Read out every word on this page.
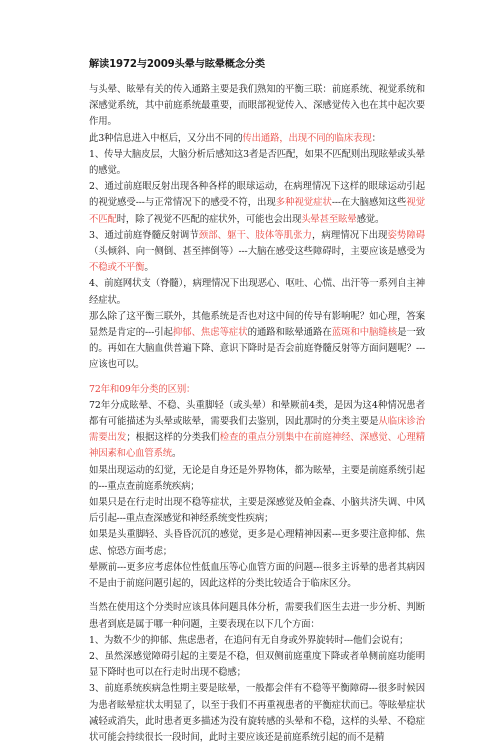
解读1972与2009头晕与眩晕概念分类

与头晕、眩晕有关的传入通路主要是我们熟知的平衡三联：前庭系统、视觉系统和深感觉系统，其中前庭系统最重要，而眼部视觉传入、深感觉传入也在其中起次要作用。

此3种信息进入中枢后，又分出不同的传出通路，出现不同的临床表现：

1、传导大脑皮层，大脑分析后感知这3者是否匹配，如果不匹配则出现眩晕或头晕的感觉。

2、通过前庭眼反射出现各种各样的眼球运动，在病理情况下这样的眼球运动引起的视觉感受---与正常情况下的感受不符，出现多种视觉症状---在大脑感知这些视觉不匹配时，除了视觉不匹配的症状外，可能也会出现头晕甚至眩晕感觉。

3、通过前庭脊髓反射调节颈部、躯干、肢体等肌张力，病理情况下出现姿势障碍（头倾斜、向一侧倒、甚至摔倒等）---大脑在感受这些障碍时，主要应该是感受为不稳或不平衡。

4、前庭网状支（脊髓），病理情况下出现恶心、呕吐、心慌、出汗等一系列自主神经症状。

那么除了这平衡三联外，其他系统是否也对这中间的传导有影响呢？如心理，答案显然是肯定的---引起抑郁、焦虑等症状的通路和眩晕通路在蓝斑和中脑缝核是一致的。再如在大脑血供普遍下降、意识下降时是否会前庭脊髓反射等方面问题呢？---应该也可以。

72年和09年分类的区别：

72年分成眩晕、不稳、头重脚轻（或头晕）和晕厥前4类，是因为这4种情况患者都有可能描述为头晕或眩晕，需要我们去鉴别，因此那时的分类主要是从临床诊治需要出发；根据这样的分类我们检查的重点分别集中在前庭神经、深感觉、心理精神因素和心血管系统。

如果出现运动的幻觉，无论是自身还是外界物体，都为眩晕，主要是前庭系统引起的---重点查前庭系统疾病；

如果只是在行走时出现不稳等症状，主要是深感觉及帕金森、小脑共济失调、中风后引起---重点查深感觉和神经系统变性疾病；

如果是头重脚轻、头昏昏沉沉的感觉，更多是心理精神因素---更多要注意抑郁、焦虑、惊恐方面考虑；

晕厥前---更多应考虑体位性低血压等心血管方面的问题---很多主诉晕的患者其病因不是由于前庭问题引起的，因此这样的分类比较适合于临床区分。

当然在使用这个分类时应该具体问题具体分析，需要我们医生去进一步分析、判断患者到底是属于哪一种问题，主要表现在以下几个方面：

1、为数不少的抑郁、焦虑患者，在追问有无自身或外界旋转时---他们会说有；

2、虽然深感觉障碍引起的主要是不稳，但双侧前庭重度下降或者单侧前庭功能明显下降时也可以在行走时出现不稳感；

3、前庭系统疾病急性期主要是眩晕，一般都会伴有不稳等平衡障碍---很多时候因为患者眩晕症状太明显了，以至于我们不再重视患者的平衡症状而已。等眩晕症状减轻或消失，此时患者更多描述为没有旋转感的头晕和不稳，这样的头晕、不稳症状可能会持续很长一段时间，此时主要应该还是前庭系统引起的而不是精
